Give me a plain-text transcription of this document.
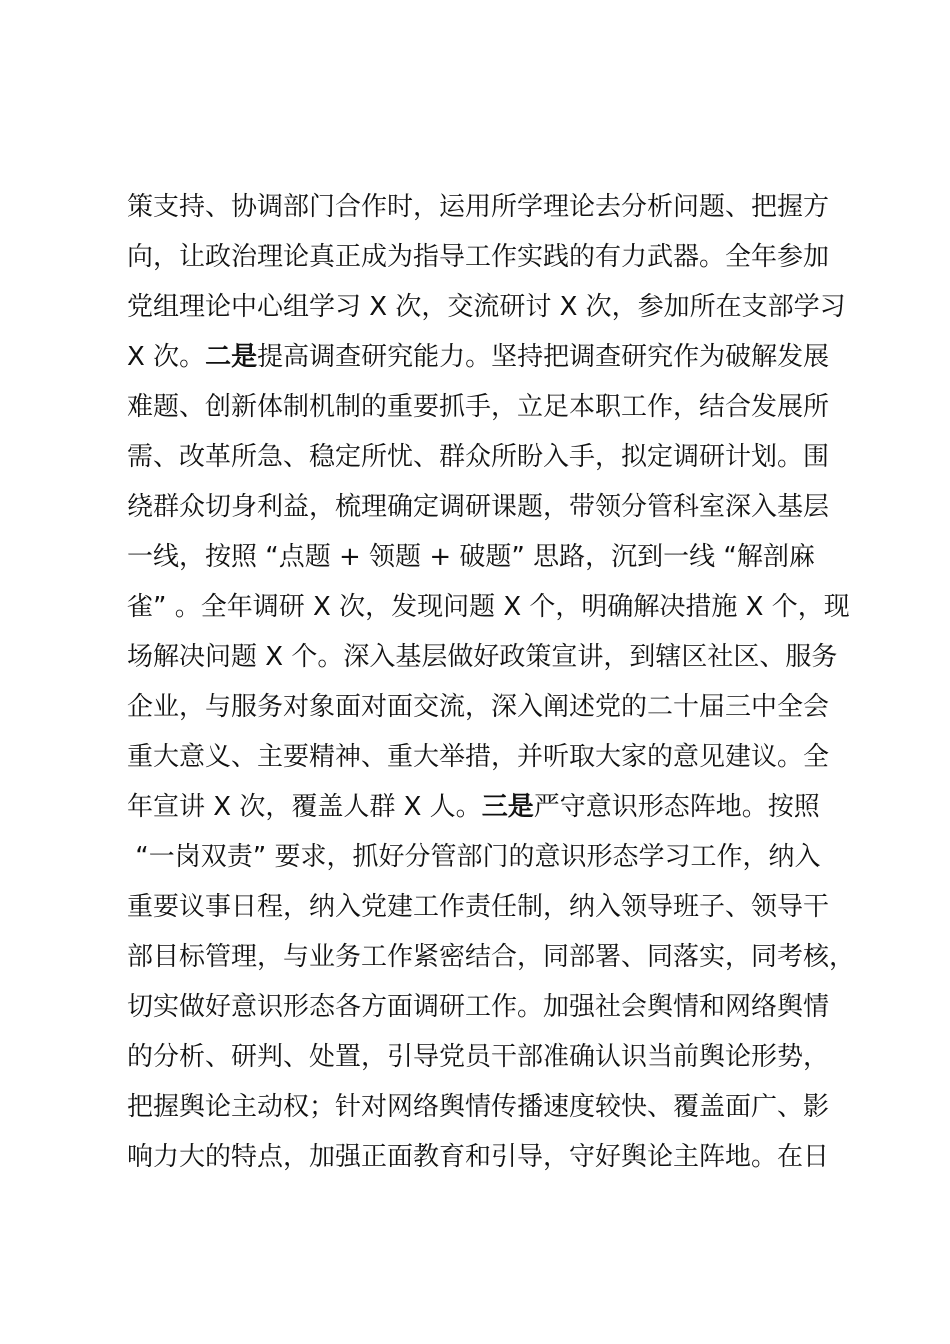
策支持、协调部门合作时，运用所学理论去分析问题、把握方
向，让政治理论真正成为指导工作实践的有力武器。全年参加
党组理论中心组学习 X 次，交流研讨 X 次，参加所在支部学习
X 次。二是提高调查研究能力。坚持把调查研究作为破解发展
难题、创新体制机制的重要抓手，立足本职工作，结合发展所
需、改革所急、稳定所忧、群众所盼入手，拟定调研计划。围
绕群众切身利益，梳理确定调研课题，带领分管科室深入基层
一线，按照 “点题 + 领题 + 破题” 思路，沉到一线 “解剖麻
雀” 。全年调研 X 次，发现问题 X 个，明确解决措施 X 个，现
场解决问题 X 个。深入基层做好政策宣讲，到辖区社区、服务
企业，与服务对象面对面交流，深入阐述党的二十届三中全会
重大意义、主要精神、重大举措，并听取大家的意见建议。全
年宣讲 X 次，覆盖人群 X 人。三是严守意识形态阵地。按照
“一岗双责” 要求，抓好分管部门的意识形态学习工作，纳入
重要议事日程，纳入党建工作责任制，纳入领导班子、领导干
部目标管理，与业务工作紧密结合，同部署、同落实，同考核，
切实做好意识形态各方面调研工作。加强社会舆情和网络舆情
的分析、研判、处置，引导党员干部准确认识当前舆论形势，
把握舆论主动权；针对网络舆情传播速度较快、覆盖面广、影
响力大的特点，加强正面教育和引导，守好舆论主阵地。在日
